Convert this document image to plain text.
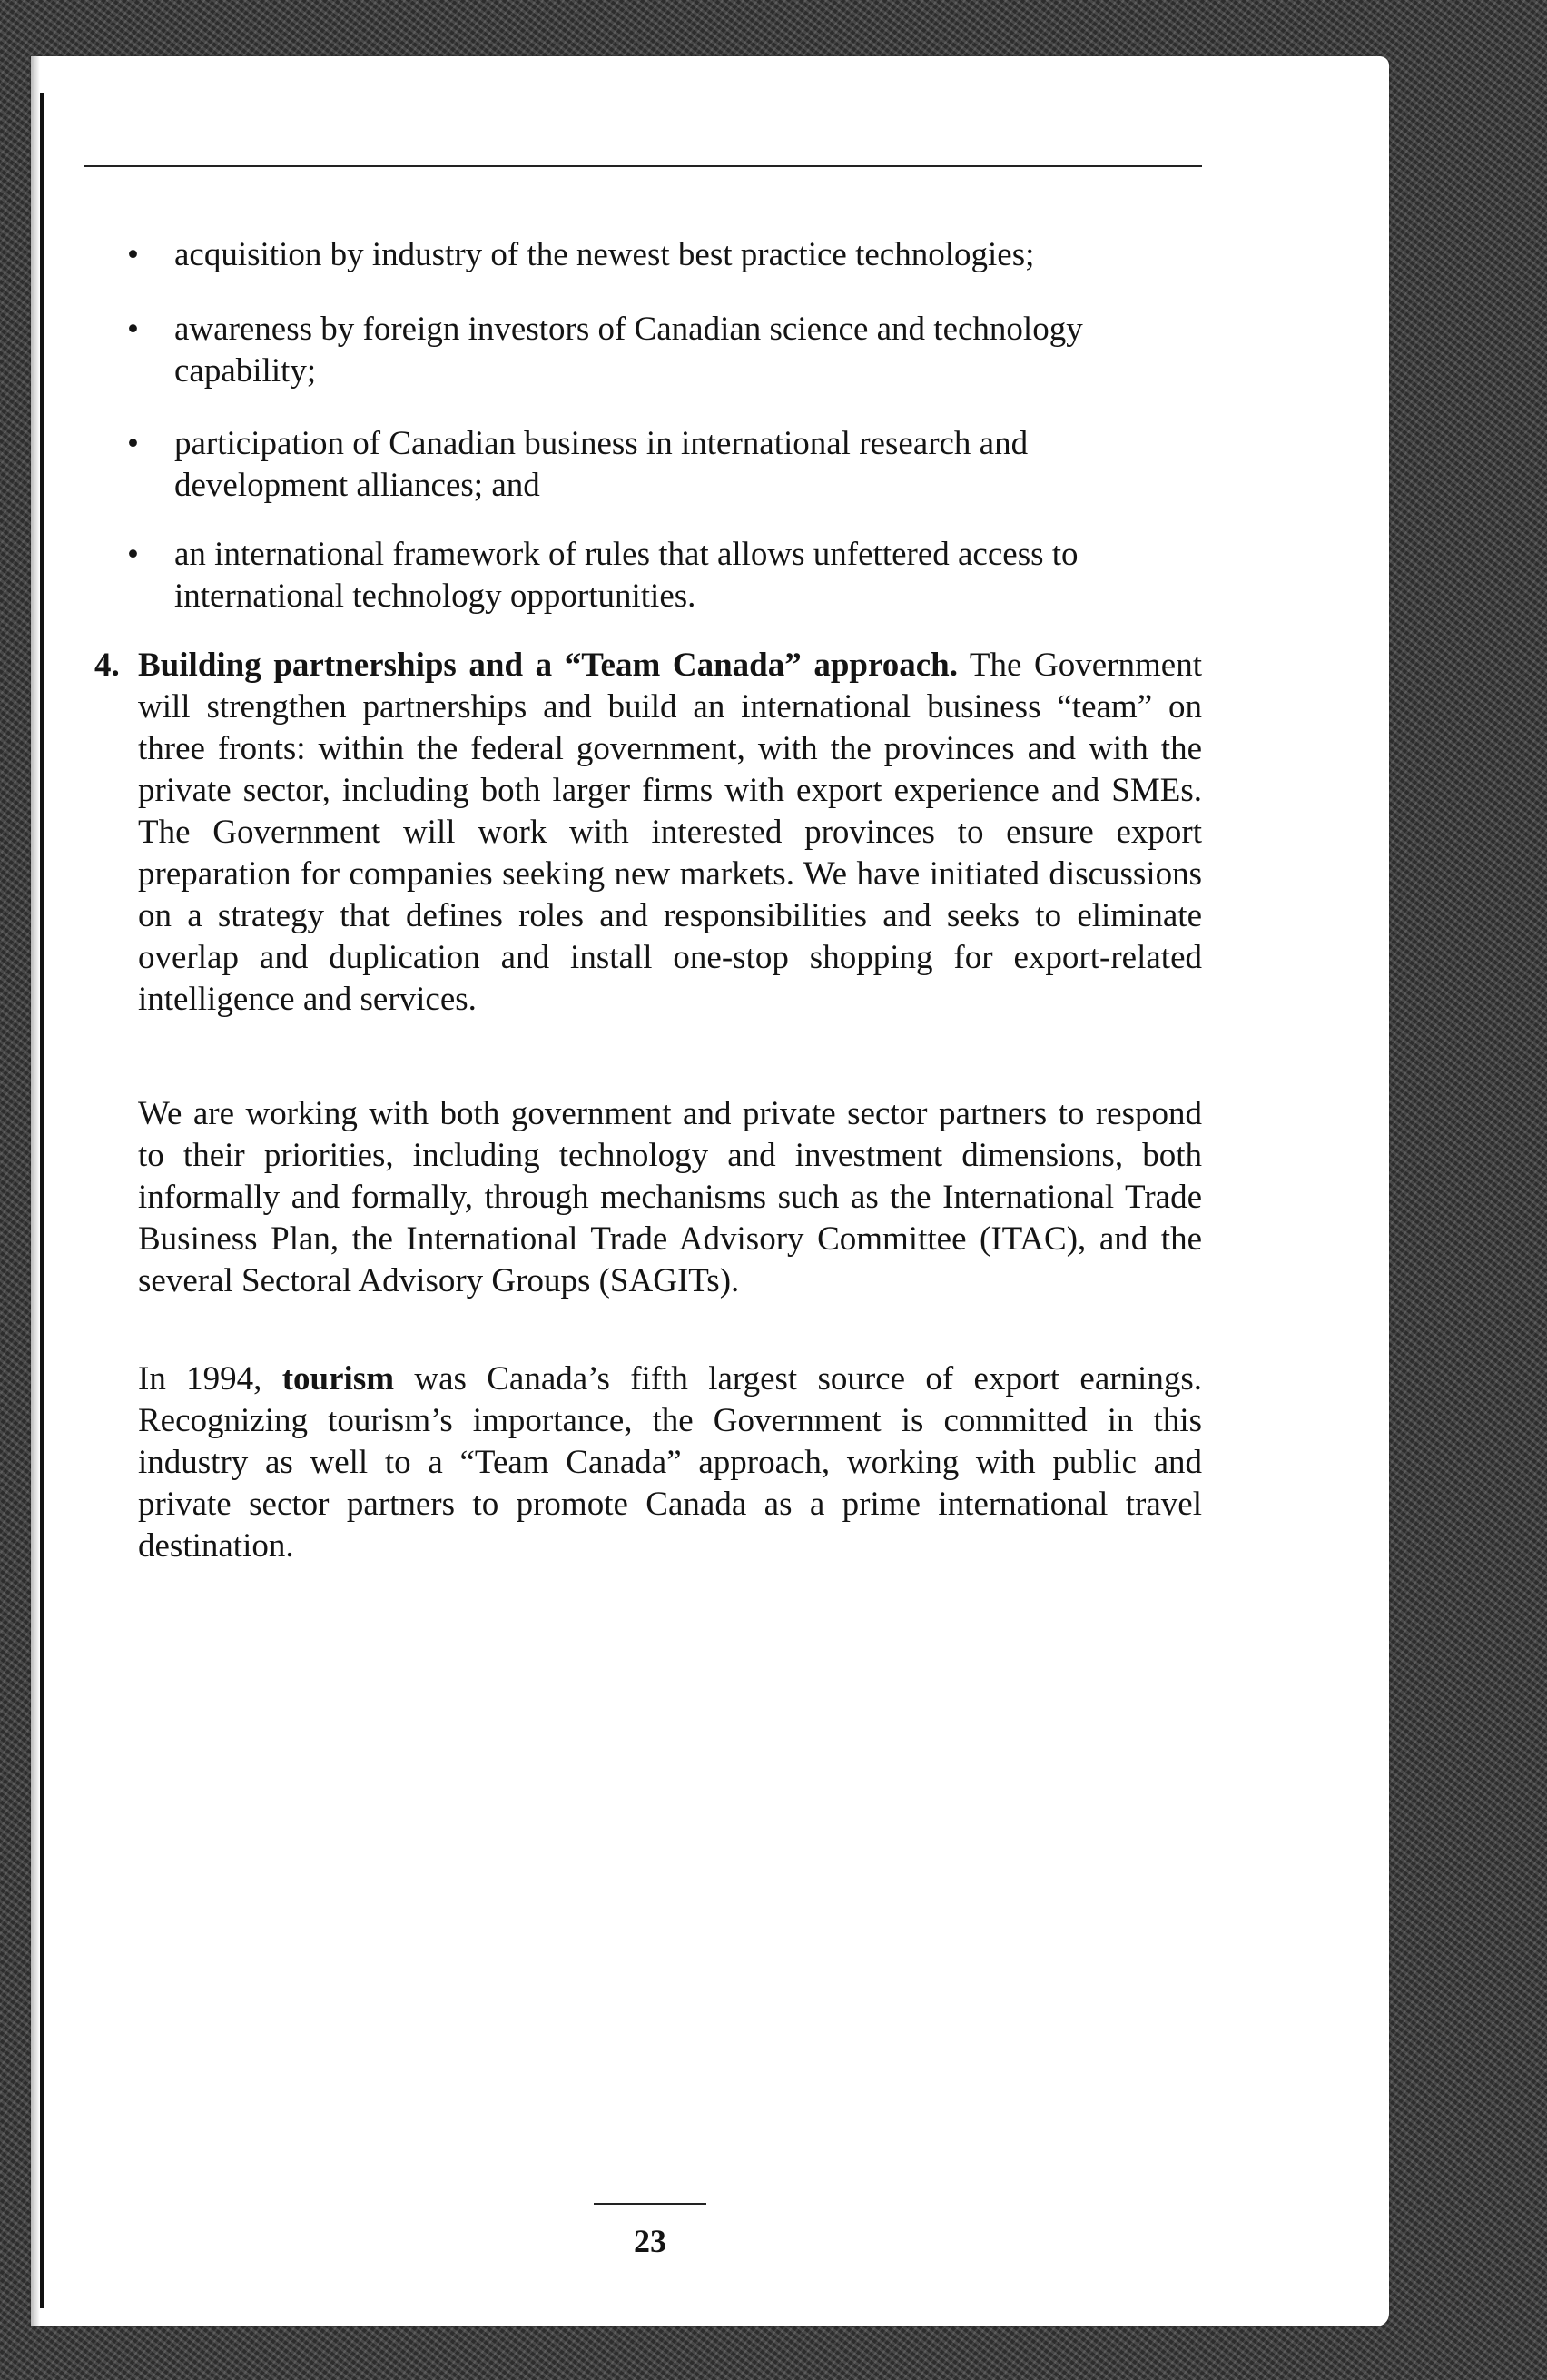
•	acquisition by industry of the newest best practice technologies;
•	awareness by foreign investors of Canadian science and technology capability;
•	participation of Canadian business in international research and development alliances; and
•	an international framework of rules that allows unfettered access to international technology opportunities.
4. Building partnerships and a “Team Canada” approach. The Government will strengthen partnerships and build an international business “team” on three fronts: within the federal government, with the provinces and with the private sector, including both larger firms with export experience and SMEs. The Government will work with interested provinces to ensure export preparation for companies seeking new markets. We have initiated discussions on a strategy that defines roles and responsibilities and seeks to eliminate overlap and duplication and install one-stop shopping for export-related intelligence and services.
We are working with both government and private sector partners to respond to their priorities, including technology and investment dimensions, both informally and formally, through mechanisms such as the International Trade Business Plan, the International Trade Advisory Committee (ITAC), and the several Sectoral Advisory Groups (SAGITs).
In 1994, tourism was Canada’s fifth largest source of export earnings. Recognizing tourism’s importance, the Government is committed in this industry as well to a “Team Canada” approach, working with public and private sector partners to promote Canada as a prime international travel destination.
23
